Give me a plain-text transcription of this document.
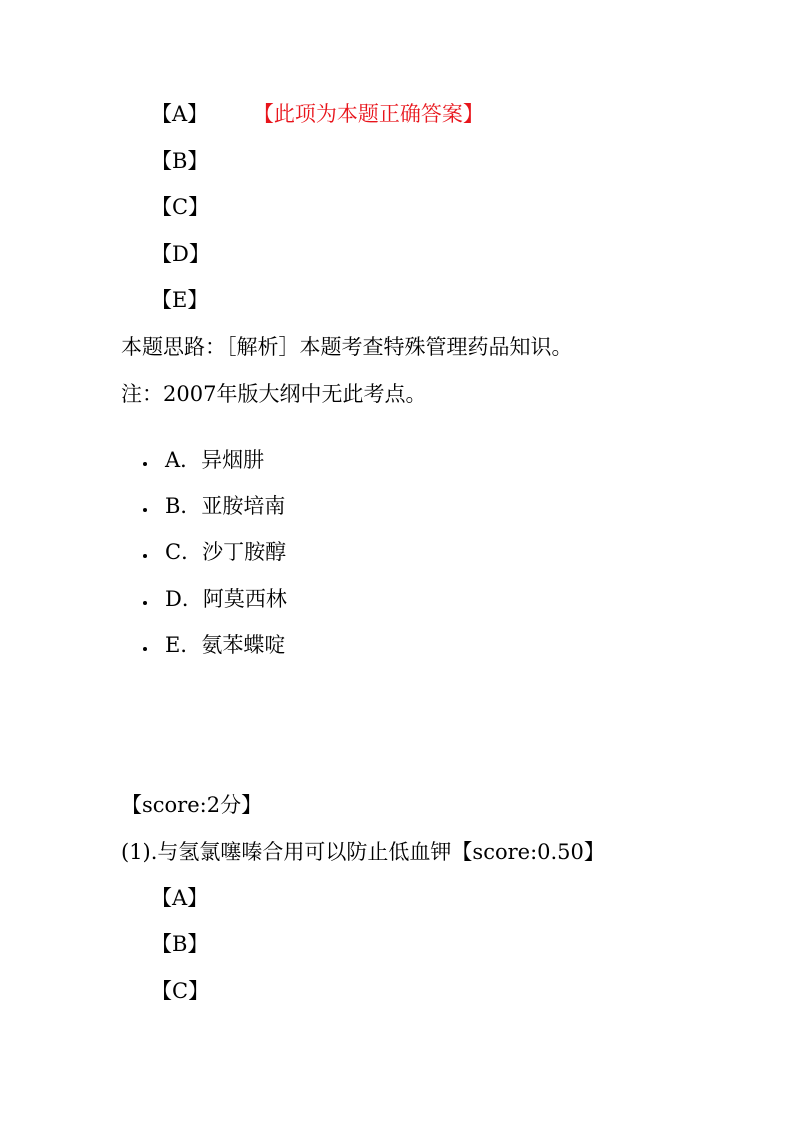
【A】 【此项为本题正确答案】
【B】
【C】
【D】
【E】
本题思路：［解析］本题考查特殊管理药品知识。
注：2007年版大纲中无此考点。
A．异烟肼
B．亚胺培南
C．沙丁胺醇
D．阿莫西林
E．氨苯蝶啶
【score:2分】
(1).与氢氯噻嗪合用可以防止低血钾【score:0.50】
【A】
【B】
【C】
